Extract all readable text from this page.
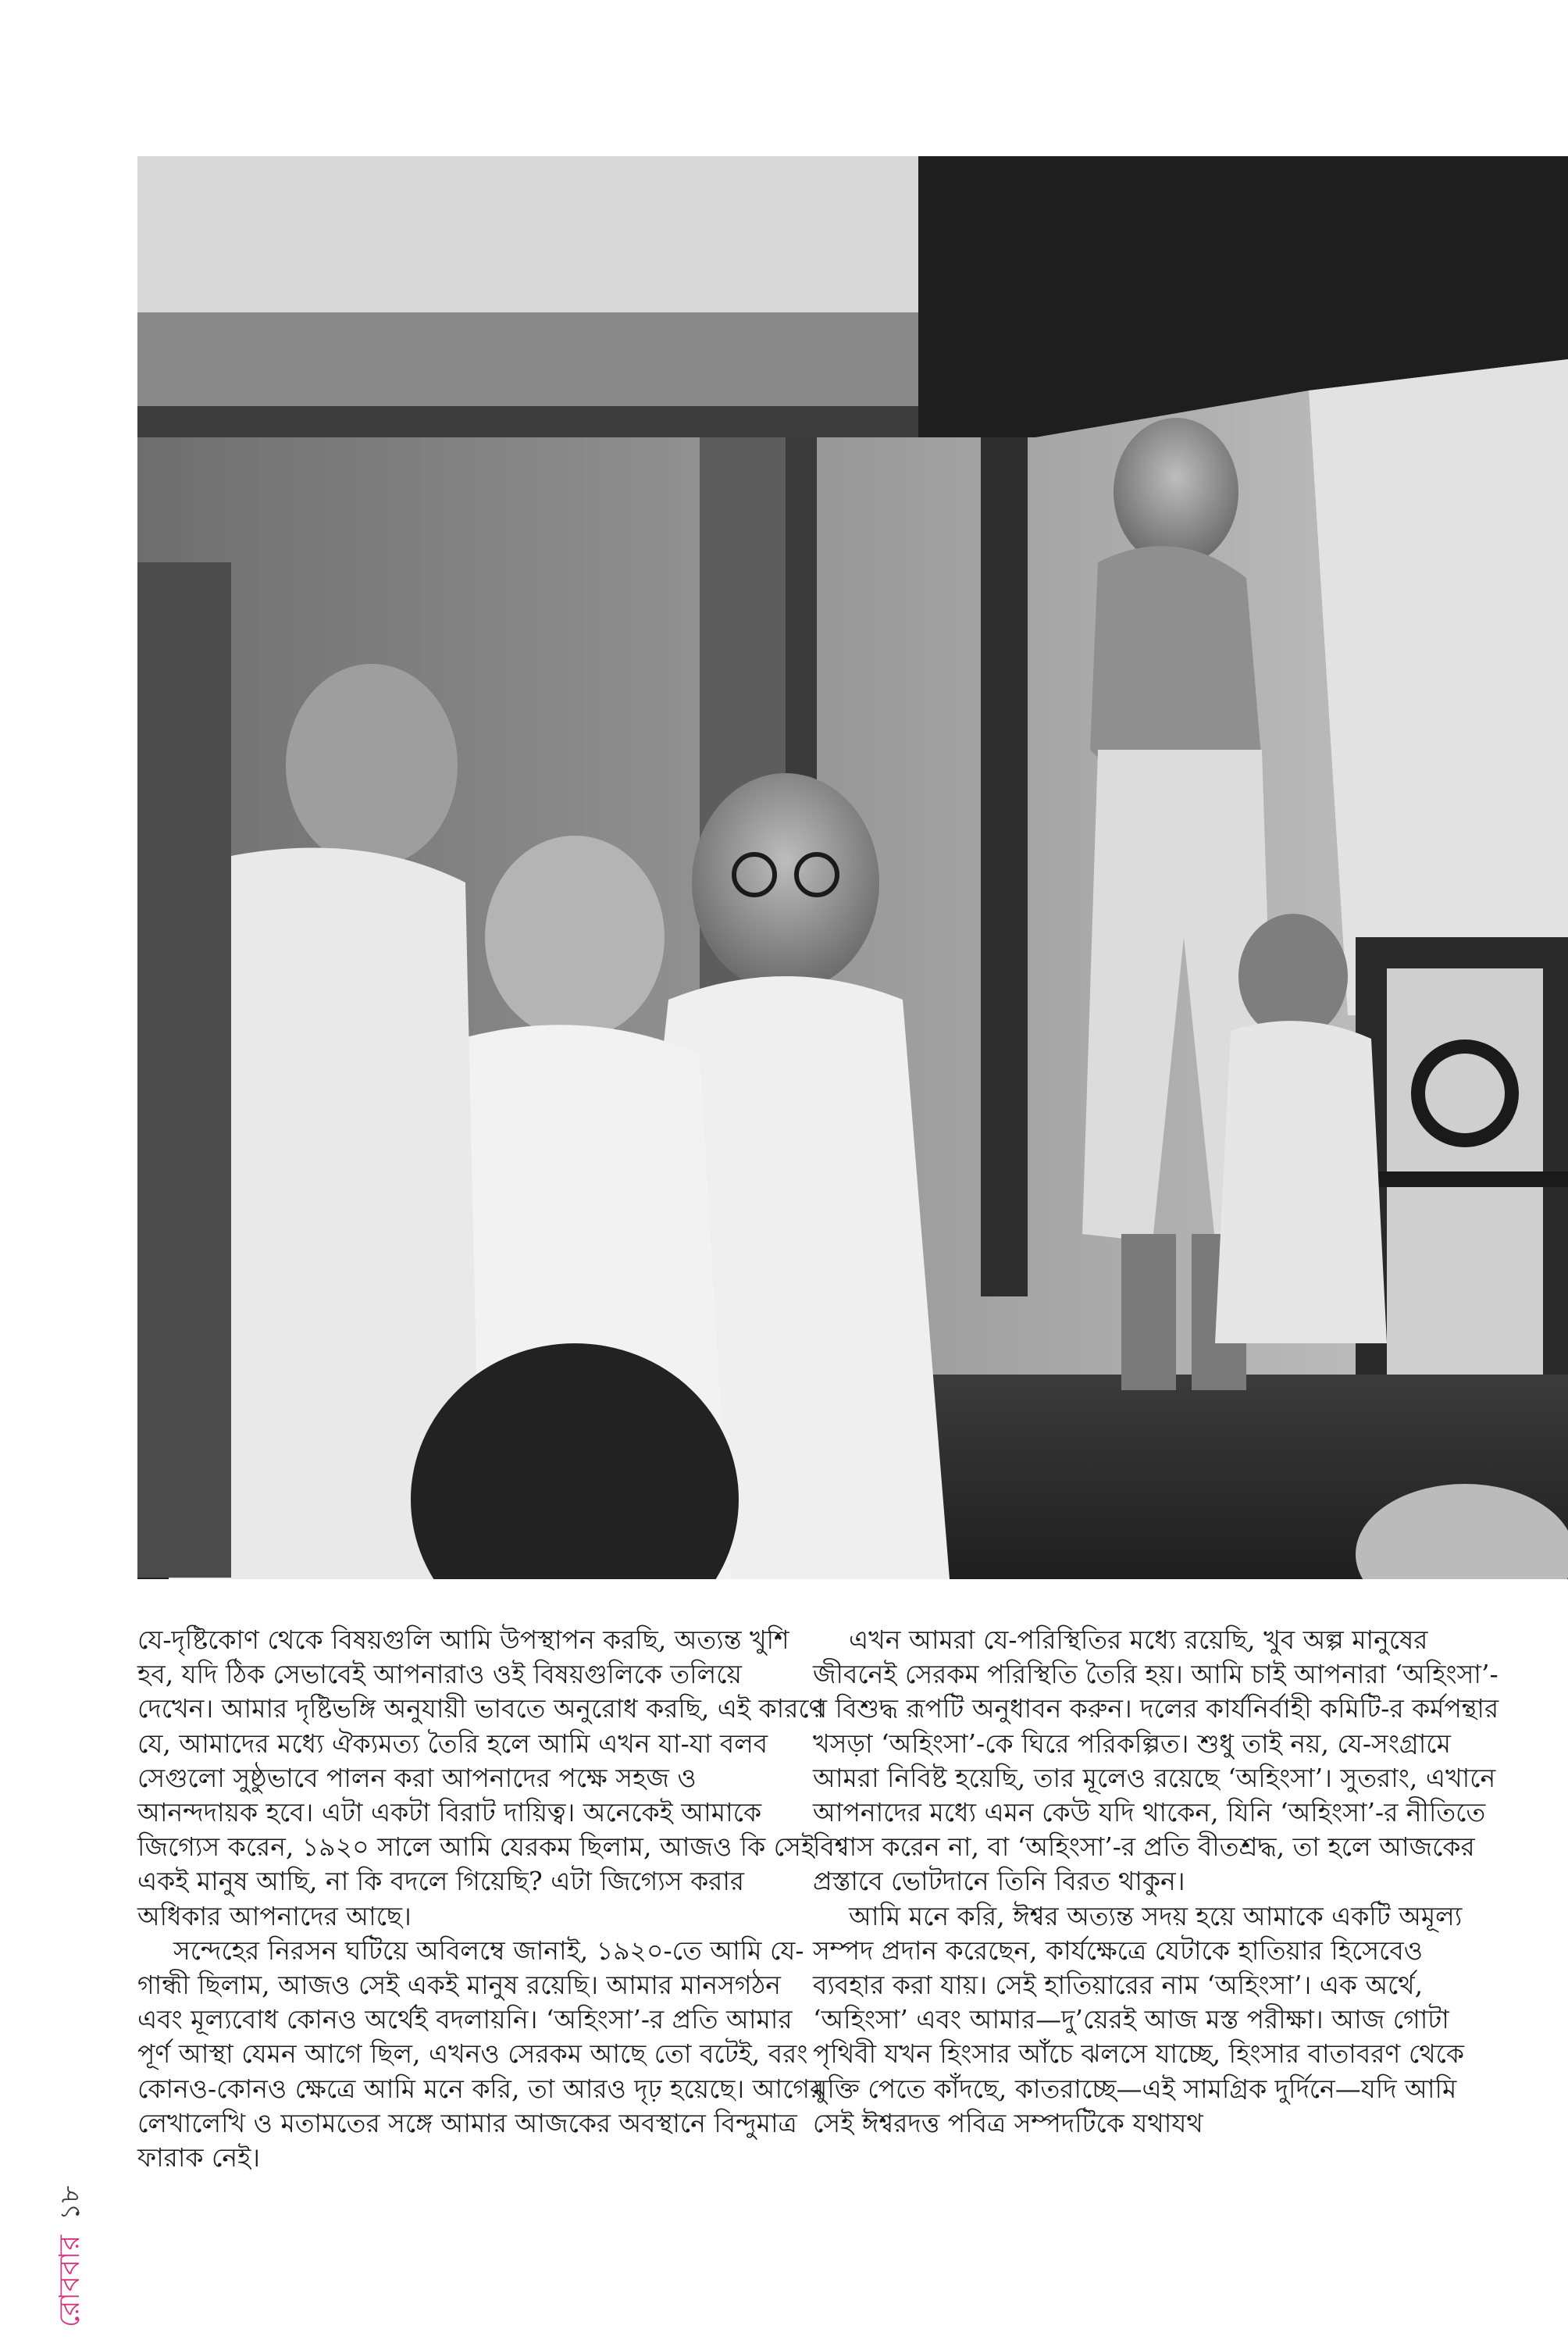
যে-দৃষ্টিকোণ থেকে বিষয়গুলি আমি উপস্থাপন করছি, অত্যন্ত খুশি হব, যদি ঠিক সেভাবেই আপনারাও ওই বিষয়গুলিকে তলিয়ে দেখেন। আমার দৃষ্টিভঙ্গি অনুযায়ী ভাবতে অনুরোধ করছি, এই কারণে যে, আমাদের মধ্যে ঐক্যমত্য তৈরি হলে আমি এখন যা-যা বলব সেগুলো সুষ্ঠুভাবে পালন করা আপনাদের পক্ষে সহজ ও আনন্দদায়ক হবে। এটা একটা বিরাট দায়িত্ব। অনেকেই আমাকে জিগ্যেস করেন, ১৯২০ সালে আমি যেরকম ছিলাম, আজও কি সেই একই মানুষ আছি, না কি বদলে গিয়েছি? এটা জিগ্যেস করার অধিকার আপনাদের আছে।

সন্দেহের নিরসন ঘটিয়ে অবিলম্বে জানাই, ১৯২০-তে আমি যে-গান্ধী ছিলাম, আজও সেই একই মানুষ রয়েছি। আমার মানসগঠন এবং মূল্যবোধ কোনও অর্থেই বদলায়নি। ‘অহিংসা’-র প্রতি আমার পূর্ণ আস্থা যেমন আগে ছিল, এখনও সেরকম আছে তো বটেই, বরং কোনও-কোনও ক্ষেত্রে আমি মনে করি, তা আরও দৃঢ় হয়েছে। আগের লেখালেখি ও মতামতের সঙ্গে আমার আজকের অবস্থানে বিন্দুমাত্র ফারাক নেই।

এখন আমরা যে-পরিস্থিতির মধ্যে রয়েছি, খুব অল্প মানুষের জীবনেই সেরকম পরিস্থিতি তৈরি হয়। আমি চাই আপনারা ‘অহিংসা’-র বিশুদ্ধ রূপটি অনুধাবন করুন। দলের কার্যনির্বাহী কমিটি-র কর্মপন্থার খসড়া ‘অহিংসা’-কে ঘিরে পরিকল্পিত। শুধু তাই নয়, যে-সংগ্রামে আমরা নিবিষ্ট হয়েছি, তার মূলেও রয়েছে ‘অহিংসা’। সুতরাং, এখানে আপনাদের মধ্যে এমন কেউ যদি থাকেন, যিনি ‘অহিংসা’-র নীতিতে বিশ্বাস করেন না, বা ‘অহিংসা’-র প্রতি বীতশ্রদ্ধ, তা হলে আজকের প্রস্তাবে ভোটদানে তিনি বিরত থাকুন।

আমি মনে করি, ঈশ্বর অত্যন্ত সদয় হয়ে আমাকে একটি অমূল্য সম্পদ প্রদান করেছেন, কার্যক্ষেত্রে যেটাকে হাতিয়ার হিসেবেও ব্যবহার করা যায়। সেই হাতিয়ারের নাম ‘অহিংসা’। এক অর্থে, ‘অহিংসা’ এবং আমার—দু’য়েরই আজ মস্ত পরীক্ষা। আজ গোটা পৃথিবী যখন হিংসার আঁচে ঝলসে যাচ্ছে, হিংসার বাতাবরণ থেকে মুক্তি পেতে কাঁদছে, কাতরাচ্ছে—এই সামগ্রিক দুর্দিনে—যদি আমি সেই ঈশ্বরদত্ত পবিত্র সম্পদটিকে যথাযথ

রোববার
১৮
